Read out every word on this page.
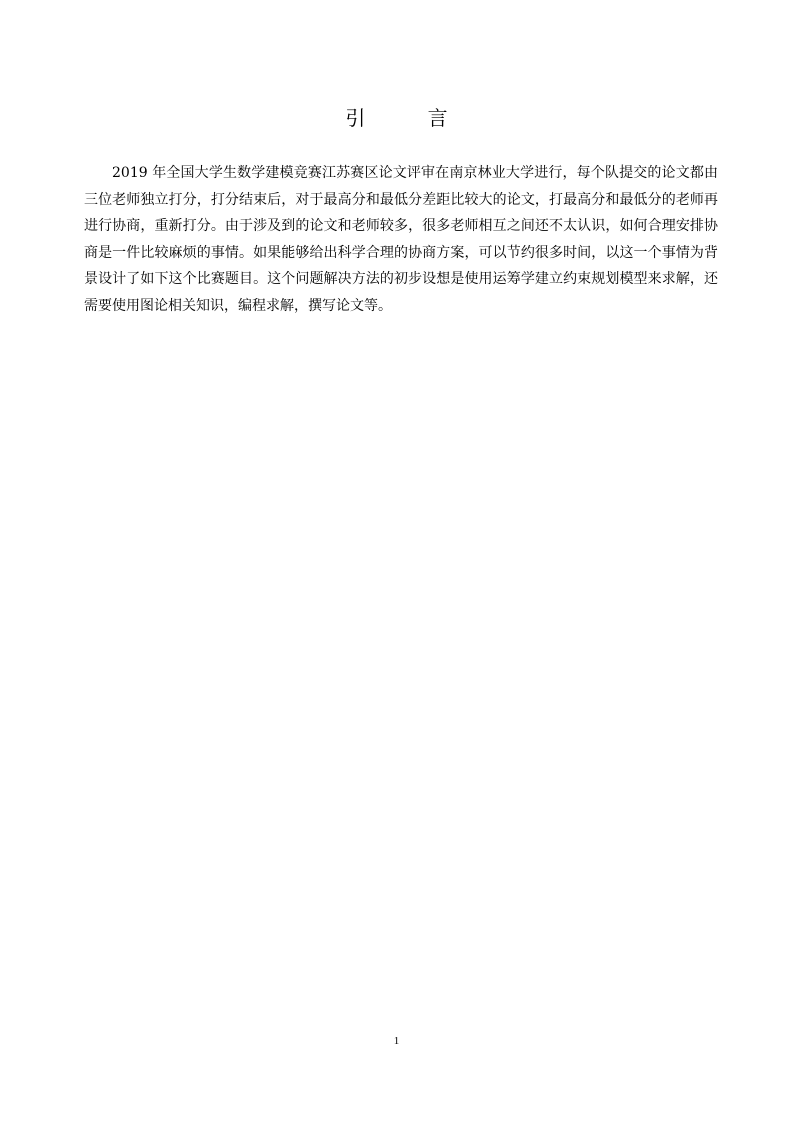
引 言

2019 年全国大学生数学建模竞赛江苏赛区论文评审在南京林业大学进行，每个队提交的论文都由三位老师独立打分，打分结束后，对于最高分和最低分差距比较大的论文，打最高分和最低分的老师再进行协商，重新打分。由于涉及到的论文和老师较多，很多老师相互之间还不太认识，如何合理安排协商是一件比较麻烦的事情。如果能够给出科学合理的协商方案，可以节约很多时间，以这一个事情为背景设计了如下这个比赛题目。这个问题解决方法的初步设想是使用运筹学建立约束规划模型来求解，还需要使用图论相关知识，编程求解，撰写论文等。

1
